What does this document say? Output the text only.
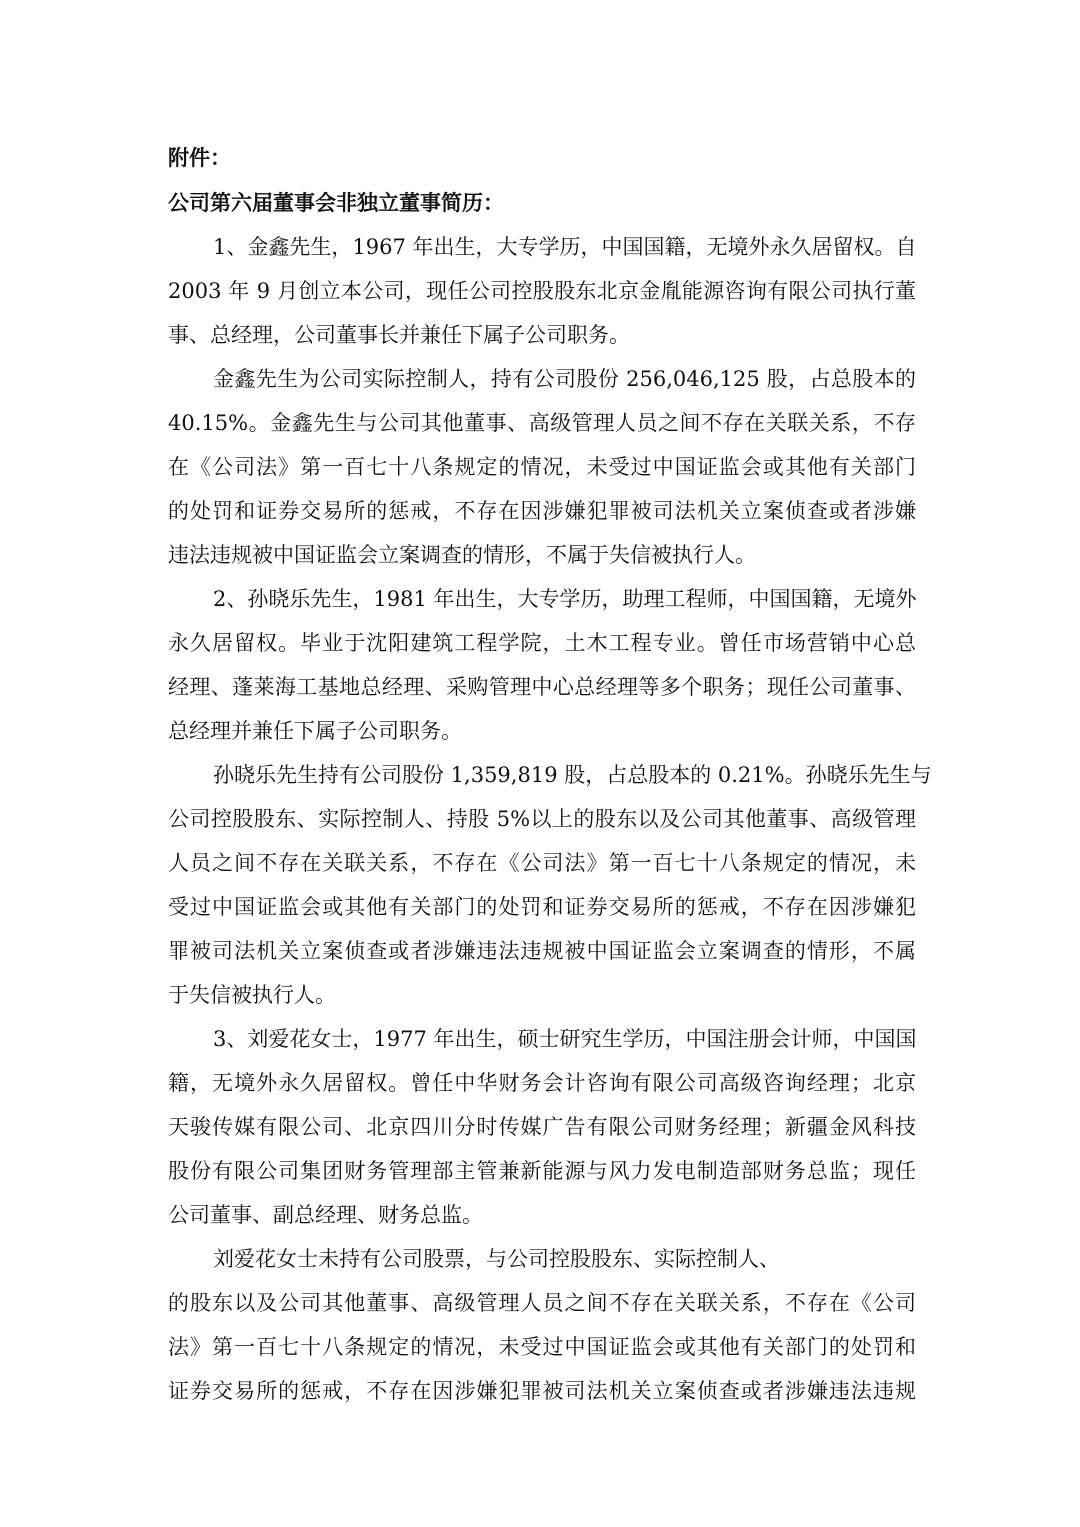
附件：
公司第六届董事会非独立董事简历：
1、金鑫先生，1967 年出生，大专学历，中国国籍，无境外永久居留权。自
2003 年 9 月创立本公司，现任公司控股股东北京金胤能源咨询有限公司执行董
事、总经理，公司董事长并兼任下属子公司职务。
金鑫先生为公司实际控制人，持有公司股份 256,046,125 股，占总股本的
40.15%。金鑫先生与公司其他董事、高级管理人员之间不存在关联关系，不存
在《公司法》第一百七十八条规定的情况，未受过中国证监会或其他有关部门
的处罚和证券交易所的惩戒，不存在因涉嫌犯罪被司法机关立案侦查或者涉嫌
违法违规被中国证监会立案调查的情形，不属于失信被执行人。
2、孙晓乐先生，1981 年出生，大专学历，助理工程师，中国国籍，无境外
永久居留权。毕业于沈阳建筑工程学院，土木工程专业。曾任市场营销中心总
经理、蓬莱海工基地总经理、采购管理中心总经理等多个职务；现任公司董事、
总经理并兼任下属子公司职务。
孙晓乐先生持有公司股份 1,359,819 股，占总股本的 0.21%。孙晓乐先生与
公司控股股东、实际控制人、持股 5%以上的股东以及公司其他董事、高级管理
人员之间不存在关联关系，不存在《公司法》第一百七十八条规定的情况，未
受过中国证监会或其他有关部门的处罚和证券交易所的惩戒，不存在因涉嫌犯
罪被司法机关立案侦查或者涉嫌违法违规被中国证监会立案调查的情形，不属
于失信被执行人。
3、刘爱花女士，1977 年出生，硕士研究生学历，中国注册会计师，中国国
籍，无境外永久居留权。曾任中华财务会计咨询有限公司高级咨询经理；北京
天骏传媒有限公司、北京四川分时传媒广告有限公司财务经理；新疆金风科技
股份有限公司集团财务管理部主管兼新能源与风力发电制造部财务总监；现任
公司董事、副总经理、财务总监。
刘爱花女士未持有公司股票，与公司控股股东、实际控制人、
的股东以及公司其他董事、高级管理人员之间不存在关联关系，不存在《公司
法》第一百七十八条规定的情况，未受过中国证监会或其他有关部门的处罚和
证券交易所的惩戒，不存在因涉嫌犯罪被司法机关立案侦查或者涉嫌违法违规
